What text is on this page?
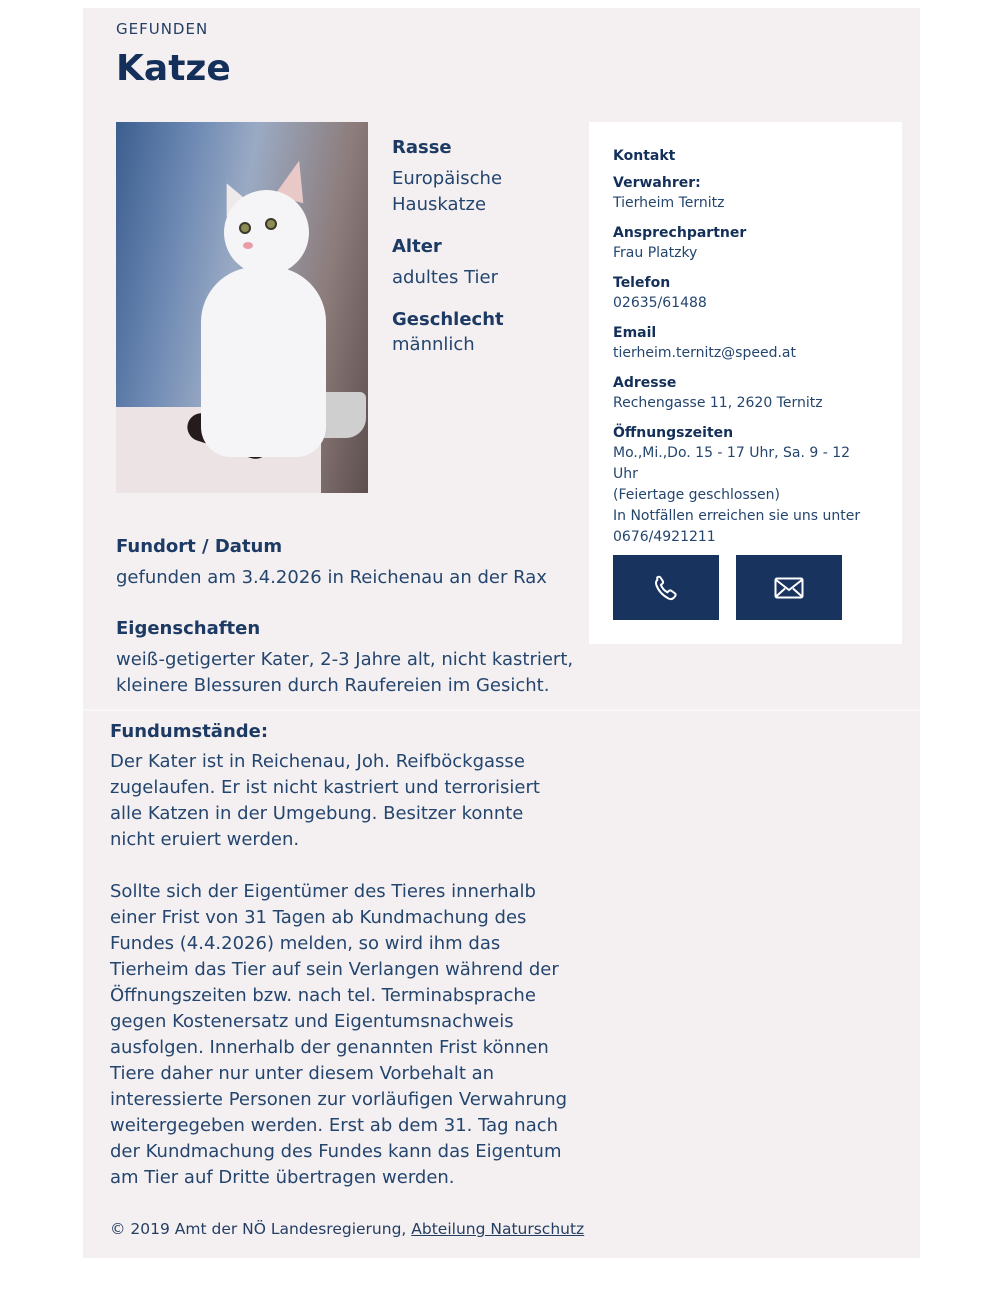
GEFUNDEN
Katze
Rasse
Europäische Hauskatze
Alter
adultes Tier
Geschlecht
männlich
Kontakt
Verwahrer:
Tierheim Ternitz
Ansprechpartner
Frau Platzky
Telefon
02635/61488
Email
tierheim.ternitz@speed.at
Adresse
Rechengasse 11, 2620 Ternitz
Öffnungszeiten
Mo.,Mi.,Do. 15 - 17 Uhr, Sa. 9 - 12 Uhr
(Feiertage geschlossen)
In Notfällen erreichen sie uns unter
0676/4921211
Fundort / Datum
gefunden am 3.4.2026 in Reichenau an der Rax
Eigenschaften
weiß-getigerter Kater, 2-3 Jahre alt, nicht kastriert, kleinere Blessuren durch Raufereien im Gesicht.
Fundumstände:
Der Kater ist in Reichenau, Joh. Reifböckgasse zugelaufen. Er ist nicht kastriert und terrorisiert alle Katzen in der Umgebung. Besitzer konnte nicht eruiert werden.
Sollte sich der Eigentümer des Tieres innerhalb einer Frist von 31 Tagen ab Kundmachung des Fundes (4.4.2026) melden, so wird ihm das Tierheim das Tier auf sein Verlangen während der Öffnungszeiten bzw. nach tel. Terminabsprache gegen Kostenersatz und Eigentumsnachweis ausfolgen. Innerhalb der genannten Frist können Tiere daher nur unter diesem Vorbehalt an interessierte Personen zur vorläufigen Verwahrung weitergegeben werden. Erst ab dem 31. Tag nach der Kundmachung des Fundes kann das Eigentum am Tier auf Dritte übertragen werden.
© 2019 Amt der NÖ Landesregierung, Abteilung Naturschutz
